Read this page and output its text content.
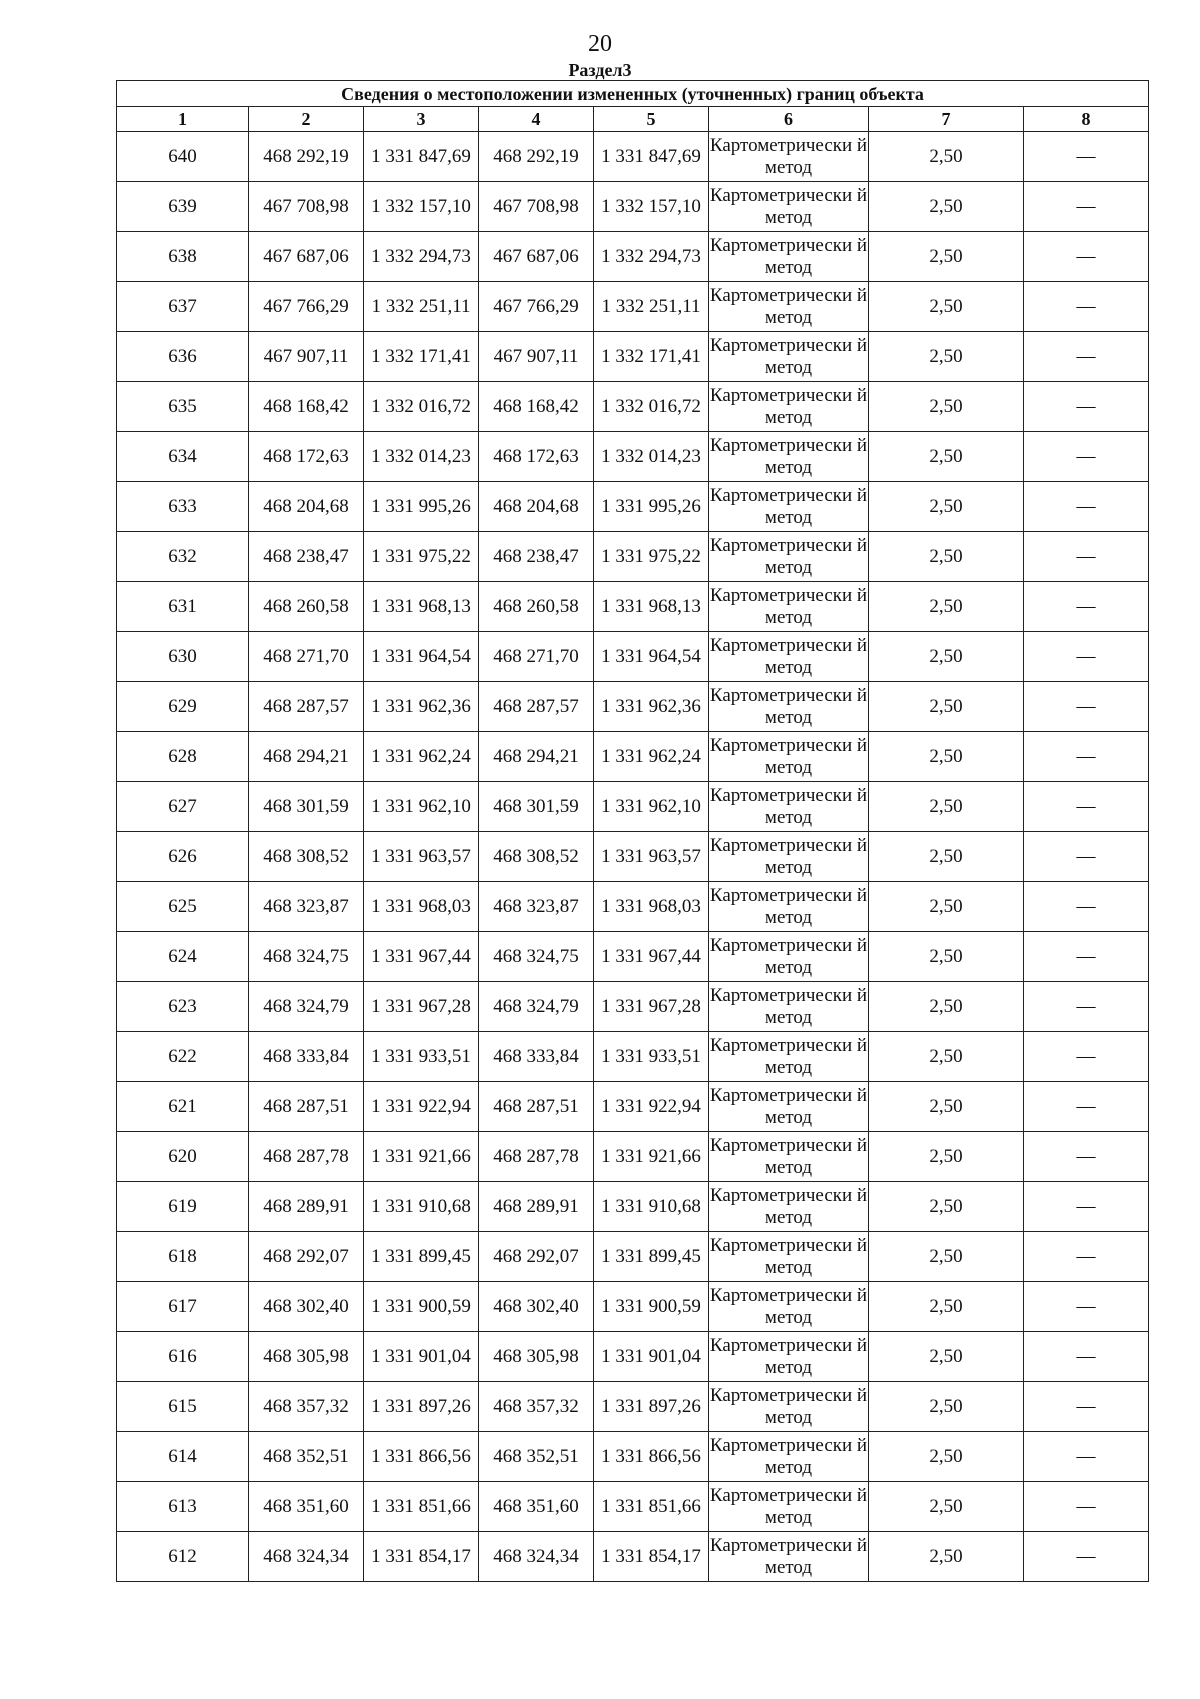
20
Раздел3
Сведения о местоположении измененных (уточненных) границ объекта							
1	2	3	4	5	6	7	8
640	468 292,19	1 331 847,69	468 292,19	1 331 847,69	Картометрически й метод	2,50	—
639	467 708,98	1 332 157,10	467 708,98	1 332 157,10	Картометрически й метод	2,50	—
638	467 687,06	1 332 294,73	467 687,06	1 332 294,73	Картометрически й метод	2,50	—
637	467 766,29	1 332 251,11	467 766,29	1 332 251,11	Картометрически й метод	2,50	—
636	467 907,11	1 332 171,41	467 907,11	1 332 171,41	Картометрически й метод	2,50	—
635	468 168,42	1 332 016,72	468 168,42	1 332 016,72	Картометрически й метод	2,50	—
634	468 172,63	1 332 014,23	468 172,63	1 332 014,23	Картометрически й метод	2,50	—
633	468 204,68	1 331 995,26	468 204,68	1 331 995,26	Картометрически й метод	2,50	—
632	468 238,47	1 331 975,22	468 238,47	1 331 975,22	Картометрически й метод	2,50	—
631	468 260,58	1 331 968,13	468 260,58	1 331 968,13	Картометрически й метод	2,50	—
630	468 271,70	1 331 964,54	468 271,70	1 331 964,54	Картометрически й метод	2,50	—
629	468 287,57	1 331 962,36	468 287,57	1 331 962,36	Картометрически й метод	2,50	—
628	468 294,21	1 331 962,24	468 294,21	1 331 962,24	Картометрически й метод	2,50	—
627	468 301,59	1 331 962,10	468 301,59	1 331 962,10	Картометрически й метод	2,50	—
626	468 308,52	1 331 963,57	468 308,52	1 331 963,57	Картометрически й метод	2,50	—
625	468 323,87	1 331 968,03	468 323,87	1 331 968,03	Картометрически й метод	2,50	—
624	468 324,75	1 331 967,44	468 324,75	1 331 967,44	Картометрически й метод	2,50	—
623	468 324,79	1 331 967,28	468 324,79	1 331 967,28	Картометрически й метод	2,50	—
622	468 333,84	1 331 933,51	468 333,84	1 331 933,51	Картометрически й метод	2,50	—
621	468 287,51	1 331 922,94	468 287,51	1 331 922,94	Картометрически й метод	2,50	—
620	468 287,78	1 331 921,66	468 287,78	1 331 921,66	Картометрически й метод	2,50	—
619	468 289,91	1 331 910,68	468 289,91	1 331 910,68	Картометрически й метод	2,50	—
618	468 292,07	1 331 899,45	468 292,07	1 331 899,45	Картометрически й метод	2,50	—
617	468 302,40	1 331 900,59	468 302,40	1 331 900,59	Картометрически й метод	2,50	—
616	468 305,98	1 331 901,04	468 305,98	1 331 901,04	Картометрически й метод	2,50	—
615	468 357,32	1 331 897,26	468 357,32	1 331 897,26	Картометрически й метод	2,50	—
614	468 352,51	1 331 866,56	468 352,51	1 331 866,56	Картометрически й метод	2,50	—
613	468 351,60	1 331 851,66	468 351,60	1 331 851,66	Картометрически й метод	2,50	—
612	468 324,34	1 331 854,17	468 324,34	1 331 854,17	Картометрически й метод	2,50	—
